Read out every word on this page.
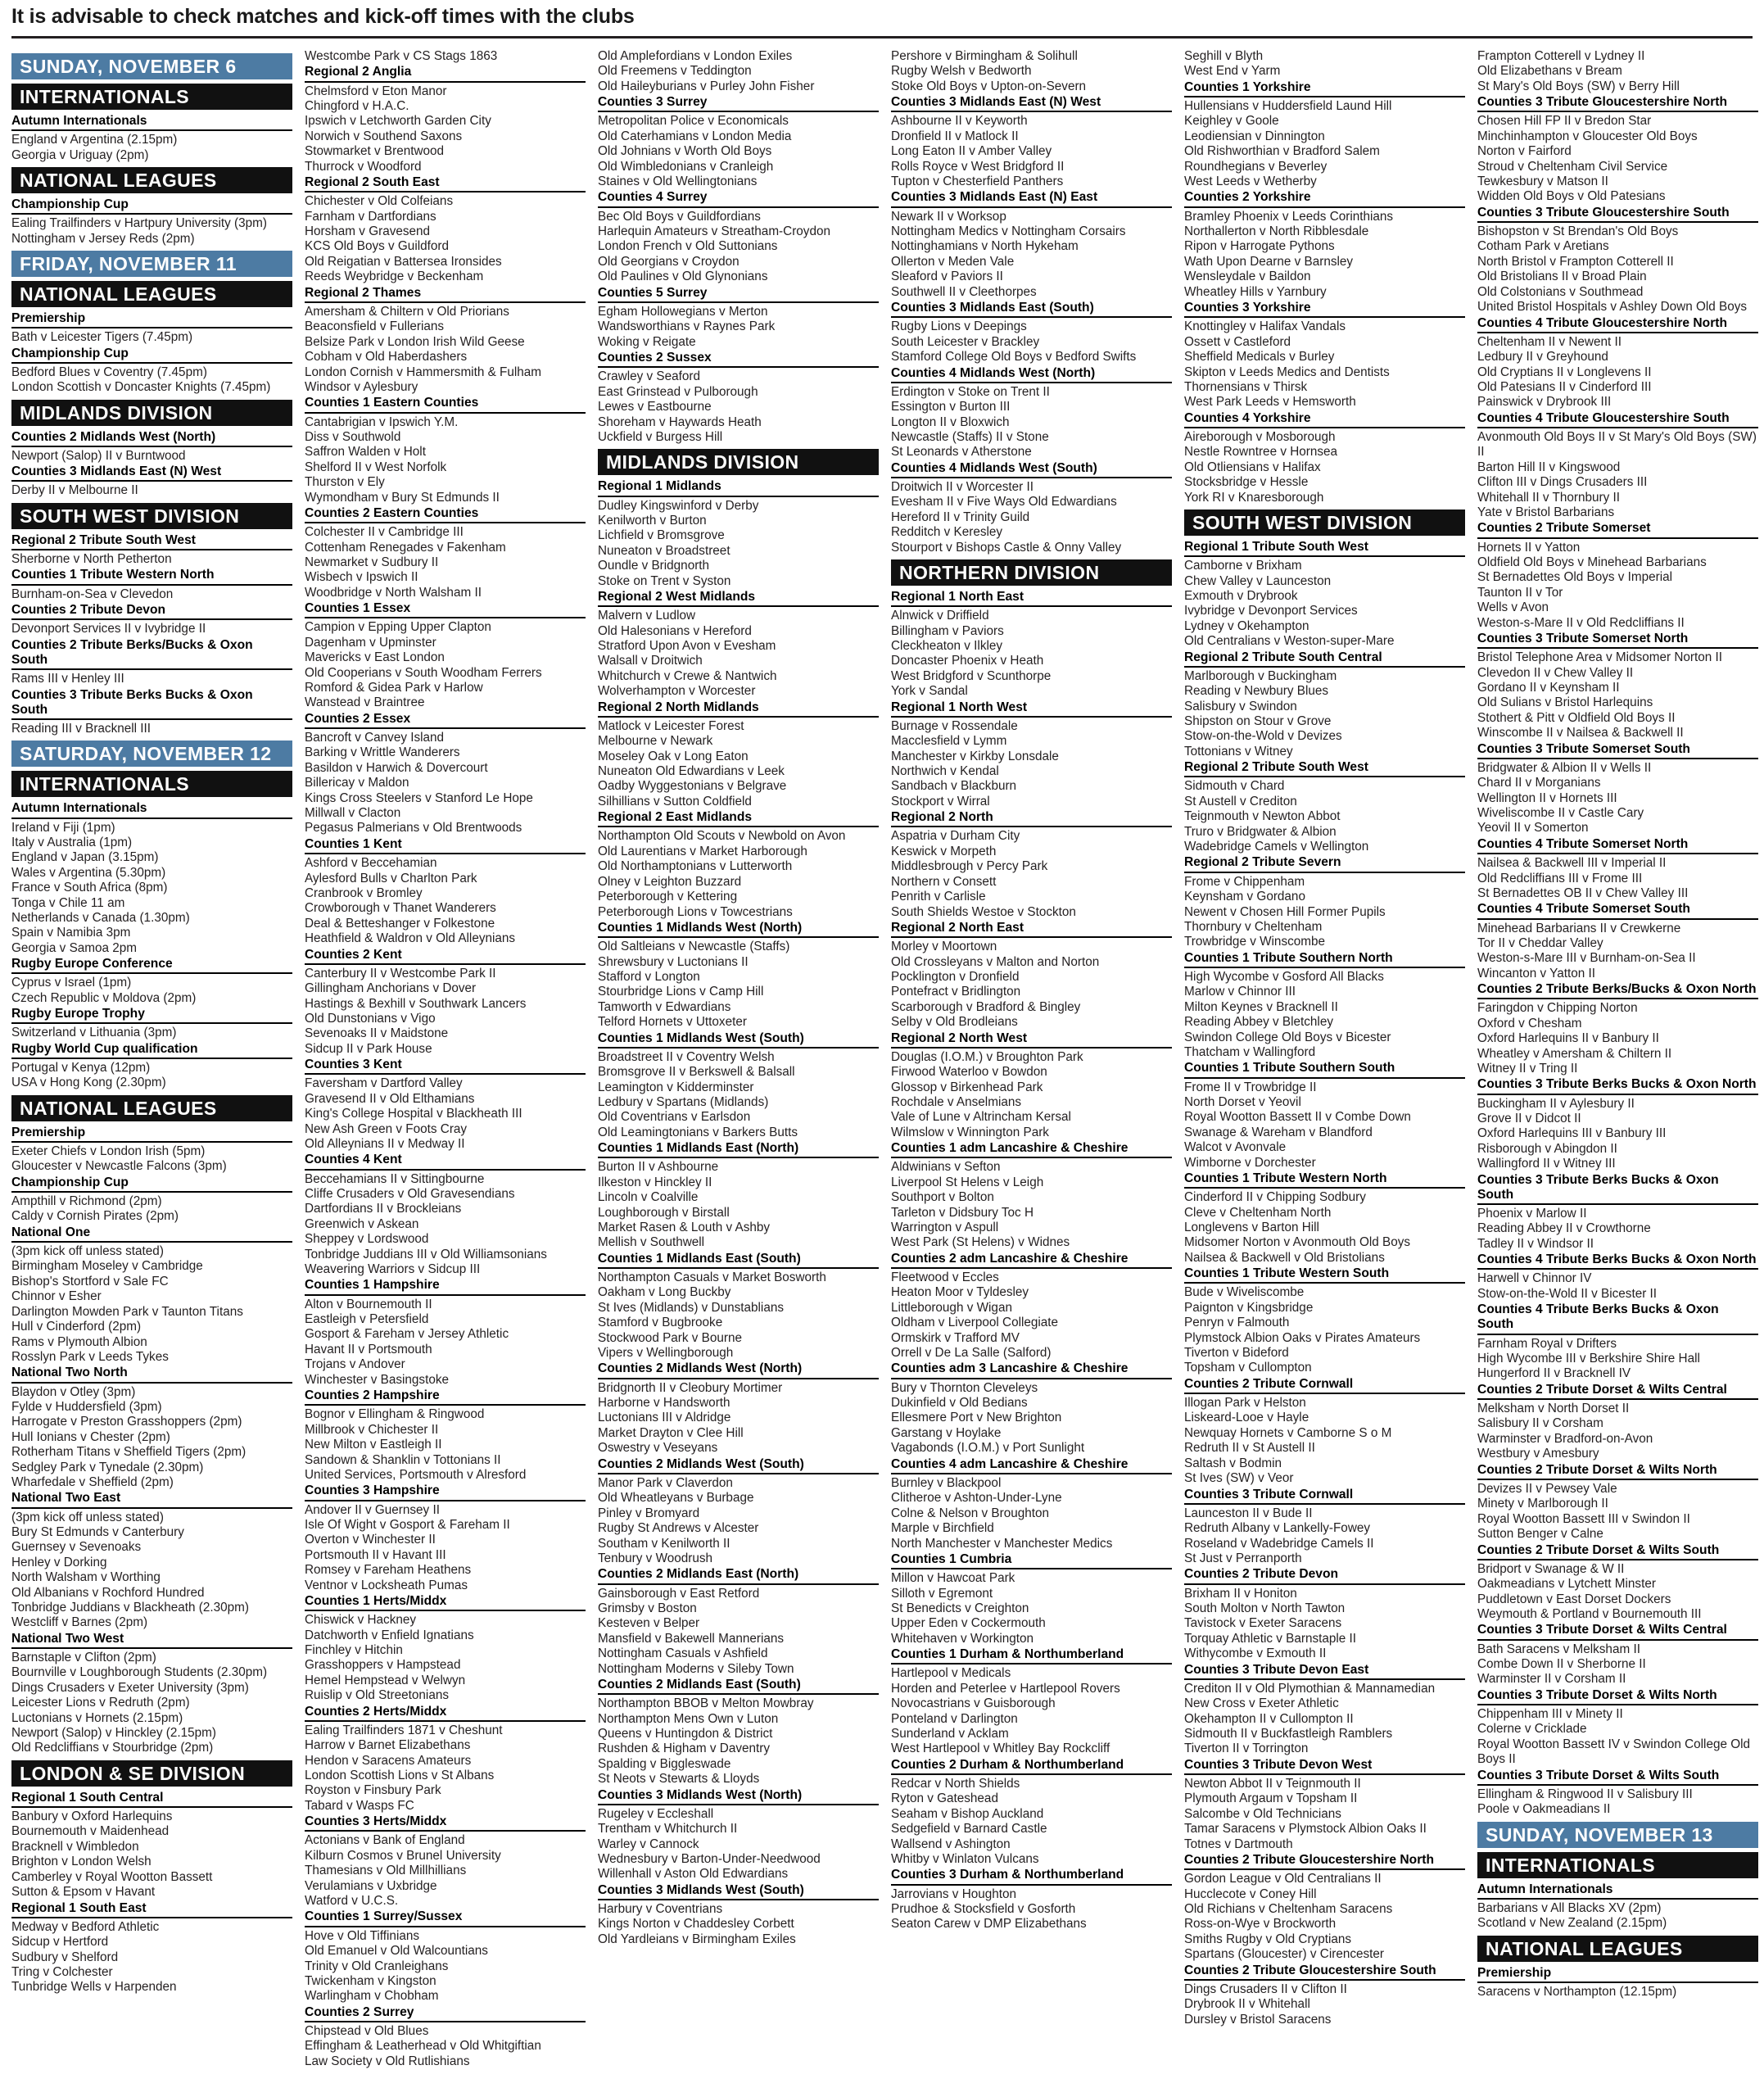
It is advisable to check matches and kick-off times with the clubs
SUNDAY, NOVEMBER 6
INTERNATIONALS
Autumn Internationals
England v Argentina (2.15pm)
Georgia v Uriguay (2pm)
NATIONAL LEAGUES
Championship Cup
Ealing Trailfinders v Hartpury University (3pm)
Nottingham v Jersey Reds (2pm)
FRIDAY, NOVEMBER 11
NATIONAL LEAGUES
Premiership
Bath v Leicester Tigers (7.45pm)
Championship Cup
Bedford Blues v Coventry (7.45pm)
London Scottish v Doncaster Knights (7.45pm)
MIDLANDS DIVISION
Counties 2 Midlands West (North)
Newport (Salop) II v Burntwood
Counties 3 Midlands East (N) West
Derby II v Melbourne II
SOUTH WEST DIVISION
Regional 2 Tribute South West
Sherborne v North Petherton
Counties 1 Tribute Western North
Burnham-on-Sea v Clevedon
Counties 2 Tribute Devon
Devonport Services II v Ivybridge II
Counties 2 Tribute Berks/Bucks & Oxon South
Rams III v Henley III
Counties 3 Tribute Berks Bucks & Oxon South
Reading III v Bracknell III
SATURDAY, NOVEMBER 12
INTERNATIONALS
Autumn Internationals
Ireland v Fiji (1pm)
Italy v Australia (1pm)
England v Japan (3.15pm)
Wales v Argentina (5.30pm)
France v South Africa (8pm)
Tonga v Chile 11 am
Netherlands v Canada (1.30pm)
Spain v Namibia 3pm
Georgia v Samoa 2pm
Rugby Europe Conference
Cyprus v Israel (1pm)
Czech Republic v Moldova (2pm)
Rugby Europe Trophy
Switzerland v Lithuania (3pm)
Rugby World Cup qualification
Portugal v Kenya (12pm)
USA v Hong Kong (2.30pm)
NATIONAL LEAGUES
Premiership
Exeter Chiefs v London Irish (5pm)
Gloucester v Newcastle Falcons (3pm)
Championship Cup
Ampthill v Richmond (2pm)
Caldy v Cornish Pirates (2pm)
National One
(3pm kick off unless stated)
Birmingham Moseley v Cambridge
Bishop's Stortford v Sale FC
Chinnor v Esher
Darlington Mowden Park v Taunton Titans
Hull v Cinderford (2pm)
Rams v Plymouth Albion
Rosslyn Park v Leeds Tykes
National Two North
Blaydon v Otley (3pm)
Fylde v Huddersfield (3pm)
Harrogate v Preston Grasshoppers (2pm)
Hull Ionians v Chester (2pm)
Rotherham Titans v Sheffield Tigers (2pm)
Sedgley Park v Tynedale (2.30pm)
Wharfedale v Sheffield (2pm)
National Two East
(3pm kick off unless stated)
Bury St Edmunds v Canterbury
Guernsey v Sevenoaks
Henley v Dorking
North Walsham v Worthing
Old Albanians v Rochford Hundred
Tonbridge Juddians v Blackheath (2.30pm)
Westcliff v Barnes (2pm)
National Two West
Barnstaple v Clifton (2pm)
Bournville v Loughborough Students (2.30pm)
Dings Crusaders v Exeter University (3pm)
Leicester Lions v Redruth (2pm)
Luctonians v Hornets (2.15pm)
Newport (Salop) v Hinckley (2.15pm)
Old Redcliffians v Stourbridge (2pm)
LONDON & SE DIVISION
Regional 1 South Central
Banbury v Oxford Harlequins
Bournemouth v Maidenhead
Bracknell v Wimbledon
Brighton v London Welsh
Camberley v Royal Wootton Bassett
Sutton & Epsom v Havant
Regional 1 South East
Medway v Bedford Athletic
Sidcup v Hertford
Sudbury v Shelford
Tring v Colchester
Tunbridge Wells v Harpenden
Westcombe Park v CS Stags 1863
Regional 2 Anglia
Chelmsford v Eton Manor
Chingford v H.A.C.
Ipswich v Letchworth Garden City
Norwich v Southend Saxons
Stowmarket v Brentwood
Thurrock v Woodford
Regional 2 South East
Chichester v Old Colfeians
Farnham v Dartfordians
Horsham v Gravesend
KCS Old Boys v Guildford
Old Reigatian v Battersea Ironsides
Reeds Weybridge v Beckenham
Regional 2 Thames
Amersham & Chiltern v Old Priorians
Beaconsfield v Fullerians
Belsize Park v London Irish Wild Geese
Cobham v Old Haberdashers
London Cornish v Hammersmith & Fulham
Windsor v Aylesbury
Counties 1 Eastern Counties
Cantabrigian v Ipswich Y.M.
Diss v Southwold
Saffron Walden v Holt
Shelford II v West Norfolk
Thurston v Ely
Wymondham v Bury St Edmunds II
Counties 2 Eastern Counties
Colchester II v Cambridge III
Cottenham Renegades v Fakenham
Newmarket v Sudbury II
Wisbech v Ipswich II
Woodbridge v North Walsham II
Counties 1 Essex
Campion v Epping Upper Clapton
Dagenham v Upminster
Mavericks v East London
Old Cooperians v South Woodham Ferrers
Romford & Gidea Park v Harlow
Wanstead v Braintree
Counties 2 Essex
Bancroft v Canvey Island
Barking v Writtle Wanderers
Basildon v Harwich & Dovercourt
Billericay v Maldon
Kings Cross Steelers v Stanford Le Hope
Millwall v Clacton
Pegasus Palmerians v Old Brentwoods
Counties 1 Kent
Ashford v Beccehamian
Aylesford Bulls v Charlton Park
Cranbrook v Bromley
Crowborough v Thanet Wanderers
Deal & Betteshanger v Folkestone
Heathfield & Waldron v Old Alleynians
Counties 2 Kent
Canterbury II v Westcombe Park II
Gillingham Anchorians v Dover
Hastings & Bexhill v Southwark Lancers
Old Dunstonians v Vigo
Sevenoaks II v Maidstone
Sidcup II v Park House
Counties 3 Kent
Faversham v Dartford Valley
Gravesend II v Old Elthamians
King's College Hospital v Blackheath III
New Ash Green v Foots Cray
Old Alleynians II v Medway II
Counties 4 Kent
Beccehamians II v Sittingbourne
Cliffe Crusaders v Old Gravesendians
Dartfordians II v Brockleians
Greenwich v Askean
Sheppey v Lordswood
Tonbridge Juddians III v Old Williamsonians
Weavering Warriors v Sidcup III
Counties 1 Hampshire
Alton v Bournemouth II
Eastleigh v Petersfield
Gosport & Fareham v Jersey Athletic
Havant II v Portsmouth
Trojans v Andover
Winchester v Basingstoke
Counties 2 Hampshire
Bognor v Ellingham & Ringwood
Millbrook v Chichester II
New Milton v Eastleigh II
Sandown & Shanklin v Tottonians II
United Services, Portsmouth v Alresford
Counties 3 Hampshire
Andover II v Guernsey II
Isle Of Wight v Gosport & Fareham II
Overton v Winchester II
Portsmouth II v Havant III
Romsey v Fareham Heathens
Ventnor v Locksheath Pumas
Counties 1 Herts/Middx
Chiswick v Hackney
Datchworth v Enfield Ignatians
Finchley v Hitchin
Grasshoppers v Hampstead
Hemel Hempstead v Welwyn
Ruislip v Old Streetonians
Counties 2 Herts/Middx
Ealing Trailfinders 1871 v Cheshunt
Harrow v Barnet Elizabethans
Hendon v Saracens Amateurs
London Scottish Lions v St Albans
Royston v Finsbury Park
Tabard v Wasps FC
Counties 3 Herts/Middx
Actonians v Bank of England
Kilburn Cosmos v Brunel University
Thamesians v Old Millhillians
Verulamians v Uxbridge
Watford v U.C.S.
Counties 1 Surrey/Sussex
Hove v Old Tiffinians
Old Emanuel v Old Walcountians
Trinity v Old Cranleighans
Twickenham v Kingston
Warlingham v Chobham
Counties 2 Surrey
Chipstead v Old Blues
Effingham & Leatherhead v Old Whitgiftian
Law Society v Old Rutlishians
Old Amplefordians v London Exiles
Old Freemens v Teddington
Old Haileyburians v Purley John Fisher
Counties 3 Surrey
Metropolitan Police v Economicals
Old Caterhamians v London Media
Old Johnians v Worth Old Boys
Old Wimbledonians v Cranleigh
Staines v Old Wellingtonians
Counties 4 Surrey
Bec Old Boys v Guildfordians
Harlequin Amateurs v Streatham-Croydon
London French v Old Suttonians
Old Georgians v Croydon
Old Paulines v Old Glynonians
Counties 5 Surrey
Egham Hollowegians v Merton
Wandsworthians v Raynes Park
Woking v Reigate
Counties 2 Sussex
Crawley v Seaford
East Grinstead v Pulborough
Lewes v Eastbourne
Shoreham v Haywards Heath
Uckfield v Burgess Hill
MIDLANDS DIVISION
Regional 1 Midlands
Dudley Kingswinford v Derby
Kenilworth v Burton
Lichfield v Bromsgrove
Nuneaton v Broadstreet
Oundle v Bridgnorth
Stoke on Trent v Syston
Regional 2 West Midlands
Malvern v Ludlow
Old Halesonians v Hereford
Stratford Upon Avon v Evesham
Walsall v Droitwich
Whitchurch v Crewe & Nantwich
Wolverhampton v Worcester
Regional 2 North Midlands
Matlock v Leicester Forest
Melbourne v Newark
Moseley Oak v Long Eaton
Nuneaton Old Edwardians v Leek
Oadby Wyggestonians v Belgrave
Silhillians v Sutton Coldfield
Regional 2 East Midlands
Northampton Old Scouts v Newbold on Avon
Old Laurentians v Market Harborough
Old Northamptonians v Lutterworth
Olney v Leighton Buzzard
Peterborough v Kettering
Peterborough Lions v Towcestrians
Counties 1 Midlands West (North)
Old Saltleians v Newcastle (Staffs)
Shrewsbury v Luctonians II
Stafford v Longton
Stourbridge Lions v Camp Hill
Tamworth v Edwardians
Telford Hornets v Uttoxeter
Counties 1 Midlands West (South)
Broadstreet II v Coventry Welsh
Bromsgrove II v Berkswell & Balsall
Leamington v Kidderminster
Ledbury v Spartans (Midlands)
Old Coventrians v Earlsdon
Old Leamingtonians v Barkers Butts
Counties 1 Midlands East (North)
Burton II v Ashbourne
Ilkeston v Hinckley II
Lincoln v Coalville
Loughborough v Birstall
Market Rasen & Louth v Ashby
Mellish v Southwell
Counties 1 Midlands East (South)
Northampton Casuals v Market Bosworth
Oakham v Long Buckby
St Ives (Midlands) v Dunstablians
Stamford v Bugbrooke
Stockwood Park v Bourne
Vipers v Wellingborough
Counties 2 Midlands West (North)
Bridgnorth II v Cleobury Mortimer
Harborne v Handsworth
Luctonians III v Aldridge
Market Drayton v Clee Hill
Oswestry v Veseyans
Counties 2 Midlands West (South)
Manor Park v Claverdon
Old Wheatleyans v Burbage
Pinley v Bromyard
Rugby St Andrews v Alcester
Southam v Kenilworth II
Tenbury v Woodrush
Counties 2 Midlands East (North)
Gainsborough v East Retford
Grimsby v Boston
Kesteven v Belper
Mansfield v Bakewell Mannerians
Nottingham Casuals v Ashfield
Nottingham Moderns v Sileby Town
Counties 2 Midlands East (South)
Northampton BBOB v Melton Mowbray
Northampton Mens Own v Luton
Queens v Huntingdon & District
Rushden & Higham v Daventry
Spalding v Biggleswade
St Neots v Stewarts & Lloyds
Counties 3 Midlands West (North)
Rugeley v Eccleshall
Trentham v Whitchurch II
Warley v Cannock
Wednesbury v Barton-Under-Needwood
Willenhall v Aston Old Edwardians
Counties 3 Midlands West (South)
Harbury v Coventrians
Kings Norton v Chaddesley Corbett
Old Yardleians v Birmingham Exiles
Pershore v Birmingham & Solihull
Rugby Welsh v Bedworth
Stoke Old Boys v Upton-on-Severn
Counties 3 Midlands East (N) West
Ashbourne II v Keyworth
Dronfield II v Matlock II
Long Eaton II v Amber Valley
Rolls Royce v West Bridgford II
Tupton v Chesterfield Panthers
Counties 3 Midlands East (N) East
Newark II v Worksop
Nottingham Medics v Nottingham Corsairs
Nottinghamians v North Hykeham
Ollerton v Meden Vale
Sleaford v Paviors II
Southwell II v Cleethorpes
Counties 3 Midlands East (South)
Rugby Lions v Deepings
South Leicester v Brackley
Stamford College Old Boys v Bedford Swifts
Counties 4 Midlands West (North)
Erdington v Stoke on Trent II
Essington v Burton III
Longton II v Bloxwich
Newcastle (Staffs) II v Stone
St Leonards v Atherstone
Counties 4 Midlands West (South)
Droitwich II v Worcester II
Evesham II v Five Ways Old Edwardians
Hereford II v Trinity Guild
Redditch v Keresley
Stourport v Bishops Castle & Onny Valley
NORTHERN DIVISION
Regional 1 North East
Alnwick v Driffield
Billingham v Paviors
Cleckheaton v Ilkley
Doncaster Phoenix v Heath
West Bridgford v Scunthorpe
York v Sandal
Regional 1 North West
Burnage v Rossendale
Macclesfield v Lymm
Manchester v Kirkby Lonsdale
Northwich v Kendal
Sandbach v Blackburn
Stockport v Wirral
Regional 2 North
Aspatria v Durham City
Keswick v Morpeth
Middlesbrough v Percy Park
Northern v Consett
Penrith v Carlisle
South Shields Westoe v Stockton
Regional 2 North East
Morley v Moortown
Old Crossleyans v Malton and Norton
Pocklington v Dronfield
Pontefract v Bridlington
Scarborough v Bradford & Bingley
Selby v Old Brodleians
Regional 2 North West
Douglas (I.O.M.) v Broughton Park
Firwood Waterloo v Bowdon
Glossop v Birkenhead Park
Rochdale v Anselmians
Vale of Lune v Altrincham Kersal
Wilmslow v Winnington Park
Counties 1 adm Lancashire & Cheshire
Aldwinians v Sefton
Liverpool St Helens v Leigh
Southport v Bolton
Tarleton v Didsbury Toc H
Warrington v Aspull
West Park (St Helens) v Widnes
Counties 2 adm Lancashire & Cheshire
Fleetwood v Eccles
Heaton Moor v Tyldesley
Littleborough v Wigan
Oldham v Liverpool Collegiate
Ormskirk v Trafford MV
Orrell v De La Salle (Salford)
Counties adm 3 Lancashire & Cheshire
Bury v Thornton Cleveleys
Dukinfield v Old Bedians
Ellesmere Port v New Brighton
Garstang v Hoylake
Vagabonds (I.O.M.) v Port Sunlight
Counties 4 adm Lancashire & Cheshire
Burnley v Blackpool
Clitheroe v Ashton-Under-Lyne
Colne & Nelson v Broughton
Marple v Birchfield
North Manchester v Manchester Medics
Counties 1 Cumbria
Millon v Hawcoat Park
Silloth v Egremont
St Benedicts v Creighton
Upper Eden v Cockermouth
Whitehaven v Workington
Counties 1 Durham & Northumberland
Hartlepool v Medicals
Horden and Peterlee v Hartlepool Rovers
Novocastrians v Guisborough
Ponteland v Darlington
Sunderland v Acklam
West Hartlepool v Whitley Bay Rockcliff
Counties 2 Durham & Northumberland
Redcar v North Shields
Ryton v Gateshead
Seaham v Bishop Auckland
Sedgefield v Barnard Castle
Wallsend v Ashington
Whitby v Winlaton Vulcans
Counties 3 Durham & Northumberland
Jarrovians v Houghton
Prudhoe & Stocksfield v Gosforth
Seaton Carew v DMP Elizabethans
Seghill v Blyth
West End v Yarm
Counties 1 Yorkshire
Hullensians v Huddersfield Laund Hill
Keighley v Goole
Leodiensian v Dinnington
Old Rishworthian v Bradford Salem
Roundhegians v Beverley
West Leeds v Wetherby
Counties 2 Yorkshire
Bramley Phoenix v Leeds Corinthians
Northallerton v North Ribblesdale
Ripon v Harrogate Pythons
Wath Upon Dearne v Barnsley
Wensleydale v Baildon
Wheatley Hills v Yarnbury
Counties 3 Yorkshire
Knottingley v Halifax Vandals
Ossett v Castleford
Sheffield Medicals v Burley
Skipton v Leeds Medics and Dentists
Thornensians v Thirsk
West Park Leeds v Hemsworth
Counties 4 Yorkshire
Aireborough v Mosborough
Nestle Rowntree v Hornsea
Old Otliensians v Halifax
Stocksbridge v Hessle
York RI v Knaresborough
SOUTH WEST DIVISION
Regional 1 Tribute South West
Camborne v Brixham
Chew Valley v Launceston
Exmouth v Drybrook
Ivybridge v Devonport Services
Lydney v Okehampton
Old Centralians v Weston-super-Mare
Regional 2 Tribute South Central
Marlborough v Buckingham
Reading v Newbury Blues
Salisbury v Swindon
Shipston on Stour v Grove
Stow-on-the-Wold v Devizes
Tottonians v Witney
Regional 2 Tribute South West
Sidmouth v Chard
St Austell v Crediton
Teignmouth v Newton Abbot
Truro v Bridgwater & Albion
Wadebridge Camels v Wellington
Regional 2 Tribute Severn
Frome v Chippenham
Keynsham v Gordano
Newent v Chosen Hill Former Pupils
Thornbury v Cheltenham
Trowbridge v Winscombe
Counties 1 Tribute Southern North
High Wycombe v Gosford All Blacks
Marlow v Chinnor III
Milton Keynes v Bracknell II
Reading Abbey v Bletchley
Swindon College Old Boys v Bicester
Thatcham v Wallingford
Counties 1 Tribute Southern South
Frome II v Trowbridge II
North Dorset v Yeovil
Royal Wootton Bassett II v Combe Down
Swanage & Wareham v Blandford
Walcot v Avonvale
Wimborne v Dorchester
Counties 1 Tribute Western North
Cinderford II v Chipping Sodbury
Cleve v Cheltenham North
Longlevens v Barton Hill
Midsomer Norton v Avonmouth Old Boys
Nailsea & Backwell v Old Bristolians
Counties 1 Tribute Western South
Bude v Wiveliscombe
Paignton v Kingsbridge
Penryn v Falmouth
Plymstock Albion Oaks v Pirates Amateurs
Tiverton v Bideford
Topsham v Cullompton
Counties 2 Tribute Cornwall
Illogan Park v Helston
Liskeard-Looe v Hayle
Newquay Hornets v Camborne S o M
Redruth II v St Austell II
Saltash v Bodmin
St Ives (SW) v Veor
Counties 3 Tribute Cornwall
Launceston II v Bude II
Redruth Albany v Lankelly-Fowey
Roseland v Wadebridge Camels II
St Just v Perranporth
Counties 2 Tribute Devon
Brixham II v Honiton
South Molton v North Tawton
Tavistock v Exeter Saracens
Torquay Athletic v Barnstaple II
Withycombe v Exmouth II
Counties 3 Tribute Devon East
Crediton II v Old Plymothian & Mannamedian
New Cross v Exeter Athletic
Okehampton II v Cullompton II
Sidmouth II v Buckfastleigh Ramblers
Tiverton II v Torrington
Counties 3 Tribute Devon West
Newton Abbot II v Teignmouth II
Plymouth Argaum v Topsham II
Salcombe v Old Technicians
Tamar Saracens v Plymstock Albion Oaks II
Totnes v Dartmouth
Counties 2 Tribute Gloucestershire North
Gordon League v Old Centralians II
Hucclecote v Coney Hill
Old Richians v Cheltenham Saracens
Ross-on-Wye v Brockworth
Smiths Rugby v Old Cryptians
Spartans (Gloucester) v Cirencester
Counties 2 Tribute Gloucestershire South
Dings Crusaders II v Clifton II
Drybrook II v Whitehall
Dursley v Bristol Saracens
Frampton Cotterell v Lydney II
Old Elizabethans v Bream
St Mary's Old Boys (SW) v Berry Hill
Counties 3 Tribute Gloucestershire North
Chosen Hill FP II v Bredon Star
Minchinhampton v Gloucester Old Boys
Norton v Fairford
Stroud v Cheltenham Civil Service
Tewkesbury v Matson II
Widden Old Boys v Old Patesians
Counties 3 Tribute Gloucestershire South
Bishopston v St Brendan's Old Boys
Cotham Park v Aretians
North Bristol v Frampton Cotterell II
Old Bristolians II v Broad Plain
Old Colstonians v Southmead
United Bristol Hospitals v Ashley Down Old Boys
Counties 4 Tribute Gloucestershire North
Cheltenham II v Newent II
Ledbury II v Greyhound
Old Cryptians II v Longlevens II
Old Patesians II v Cinderford III
Painswick v Drybrook III
Counties 4 Tribute Gloucestershire South
Avonmouth Old Boys II v St Mary's Old Boys (SW) II
Barton Hill II v Kingswood
Clifton III v Dings Crusaders III
Whitehall II v Thornbury II
Yate v Bristol Barbarians
Counties 2 Tribute Somerset
Hornets II v Yatton
Oldfield Old Boys v Minehead Barbarians
St Bernadettes Old Boys v Imperial
Taunton II v Tor
Wells v Avon
Weston-s-Mare II v Old Redcliffians II
Counties 3 Tribute Somerset North
Bristol Telephone Area v Midsomer Norton II
Clevedon II v Chew Valley II
Gordano II v Keynsham II
Old Sulians v Bristol Harlequins
Stothert & Pitt v Oldfield Old Boys II
Winscombe II v Nailsea & Backwell II
Counties 3 Tribute Somerset South
Bridgwater & Albion II v Wells II
Chard II v Morganians
Wellington II v Hornets III
Wiveliscombe II v Castle Cary
Yeovil II v Somerton
Counties 4 Tribute Somerset North
Nailsea & Backwell III v Imperial II
Old Redcliffians III v Frome III
St Bernadettes OB II v Chew Valley III
Counties 4 Tribute Somerset South
Minehead Barbarians II v Crewkerne
Tor II v Cheddar Valley
Weston-s-Mare III v Burnham-on-Sea II
Wincanton v Yatton II
Counties 2 Tribute Berks/Bucks & Oxon North
Faringdon v Chipping Norton
Oxford v Chesham
Oxford Harlequins II v Banbury II
Wheatley v Amersham & Chiltern II
Witney II v Tring II
Counties 3 Tribute Berks Bucks & Oxon North
Buckingham II v Aylesbury II
Grove II v Didcot II
Oxford Harlequins III v Banbury III
Risborough v Abingdon II
Wallingford II v Witney III
Counties 3 Tribute Berks Bucks & Oxon South
Phoenix v Marlow II
Reading Abbey II v Crowthorne
Tadley II v Windsor II
Counties 4 Tribute Berks Bucks & Oxon North
Harwell v Chinnor IV
Stow-on-the-Wold II v Bicester II
Counties 4 Tribute Berks Bucks & Oxon South
Farnham Royal v Drifters
High Wycombe III v Berkshire Shire Hall
Hungerford II v Bracknell IV
Counties 2 Tribute Dorset & Wilts Central
Melksham v North Dorset II
Salisbury II v Corsham
Warminster v Bradford-on-Avon
Westbury v Amesbury
Counties 2 Tribute Dorset & Wilts North
Devizes II v Pewsey Vale
Minety v Marlborough II
Royal Wootton Bassett III v Swindon II
Sutton Benger v Calne
Counties 2 Tribute Dorset & Wilts South
Bridport v Swanage & W II
Oakmeadians v Lytchett Minster
Puddletown v East Dorset Dockers
Weymouth & Portland v Bournemouth III
Counties 3 Tribute Dorset & Wilts Central
Bath Saracens v Melksham II
Combe Down II v Sherborne II
Warminster II v Corsham II
Counties 3 Tribute Dorset & Wilts North
Chippenham III v Minety II
Colerne v Cricklade
Royal Wootton Bassett IV v Swindon College Old Boys II
Counties 3 Tribute Dorset & Wilts South
Ellingham & Ringwood II v Salisbury III
Poole v Oakmeadians II
SUNDAY, NOVEMBER 13
INTERNATIONALS
Autumn Internationals
Barbarians v All Blacks XV (2pm)
Scotland v New Zealand (2.15pm)
NATIONAL LEAGUES
Premiership
Saracens v Northampton (12.15pm)
